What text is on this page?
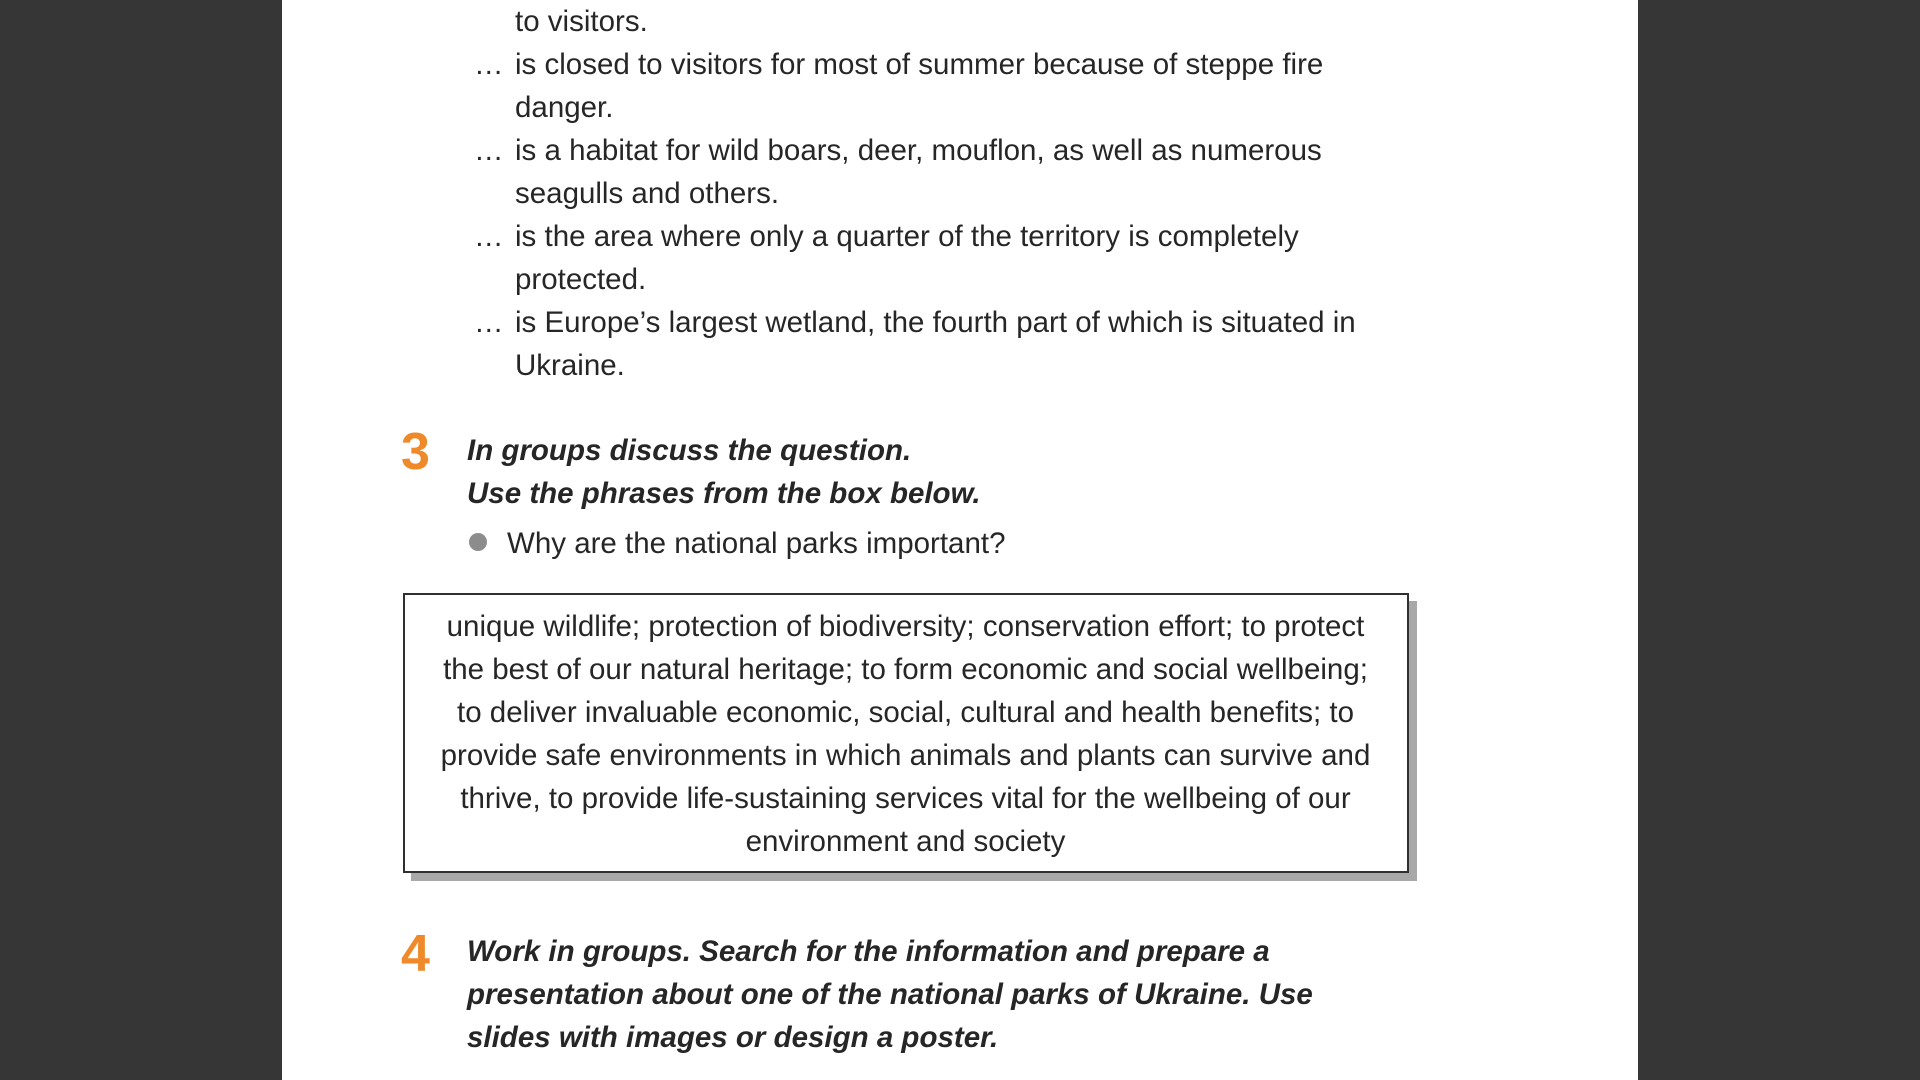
to visitors.
… is closed to visitors for most of summer because of steppe fire
danger.
… is a habitat for wild boars, deer, mouflon, as well as numerous
seagulls and others.
… is the area where only a quarter of the territory is completely
protected.
… is Europe’s largest wetland, the fourth part of which is situated in
Ukraine.
3 In groups discuss the question.
Use the phrases from the box below.
Why are the national parks important?
unique wildlife; protection of biodiversity; conservation effort; to protect
the best of our natural heritage; to form economic and social wellbeing;
to deliver invaluable economic, social, cultural and health benefits; to
provide safe environments in which animals and plants can survive and
thrive, to provide life-sustaining services vital for the wellbeing of our
environment and society
4 Work in groups. Search for the information and prepare a
presentation about one of the national parks of Ukraine. Use
slides with images or design a poster.
